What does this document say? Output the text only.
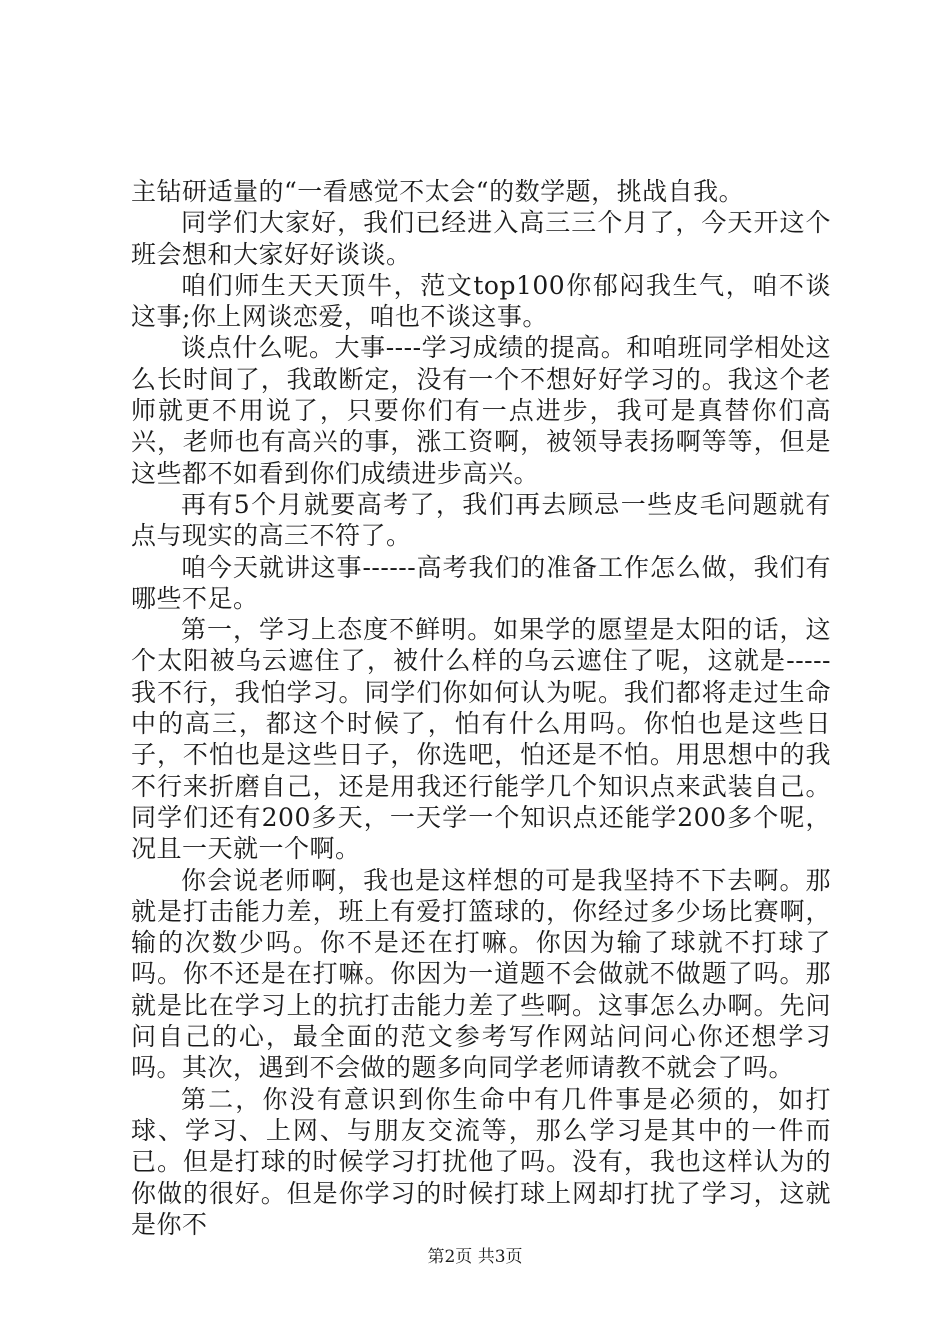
主钻研适量的“一看感觉不太会“的数学题，挑战自我。

同学们大家好，我们已经进入高三三个月了，今天开这个班会想和大家好好谈谈。

咱们师生天天顶牛，范文top100你郁闷我生气，咱不谈这事;你上网谈恋爱，咱也不谈这事。

谈点什么呢。大事----学习成绩的提高。和咱班同学相处这么长时间了，我敢断定，没有一个不想好好学习的。我这个老师就更不用说了，只要你们有一点进步，我可是真替你们高兴，老师也有高兴的事，涨工资啊，被领导表扬啊等等，但是这些都不如看到你们成绩进步高兴。

再有5个月就要高考了，我们再去顾忌一些皮毛问题就有点与现实的高三不符了。

咱今天就讲这事------高考我们的准备工作怎么做，我们有哪些不足。

第一，学习上态度不鲜明。如果学的愿望是太阳的话，这个太阳被乌云遮住了，被什么样的乌云遮住了呢，这就是-----我不行，我怕学习。同学们你如何认为呢。我们都将走过生命中的高三，都这个时候了，怕有什么用吗。你怕也是这些日子，不怕也是这些日子，你选吧，怕还是不怕。用思想中的我不行来折磨自己，还是用我还行能学几个知识点来武装自己。同学们还有200多天，一天学一个知识点还能学200多个呢，况且一天就一个啊。

你会说老师啊，我也是这样想的可是我坚持不下去啊。那就是打击能力差，班上有爱打篮球的，你经过多少场比赛啊，输的次数少吗。你不是还在打嘛。你因为输了球就不打球了吗。你不还是在打嘛。你因为一道题不会做就不做题了吗。那就是比在学习上的抗打击能力差了些啊。这事怎么办啊。先问问自己的心，最全面的范文参考写作网站问问心你还想学习吗。其次，遇到不会做的题多向同学老师请教不就会了吗。

第二，你没有意识到你生命中有几件事是必须的，如打球、学习、上网、与朋友交流等，那么学习是其中的一件而已。但是打球的时候学习打扰他了吗。没有，我也这样认为的你做的很好。但是你学习的时候打球上网却打扰了学习，这就是你不

第2页 共3页
